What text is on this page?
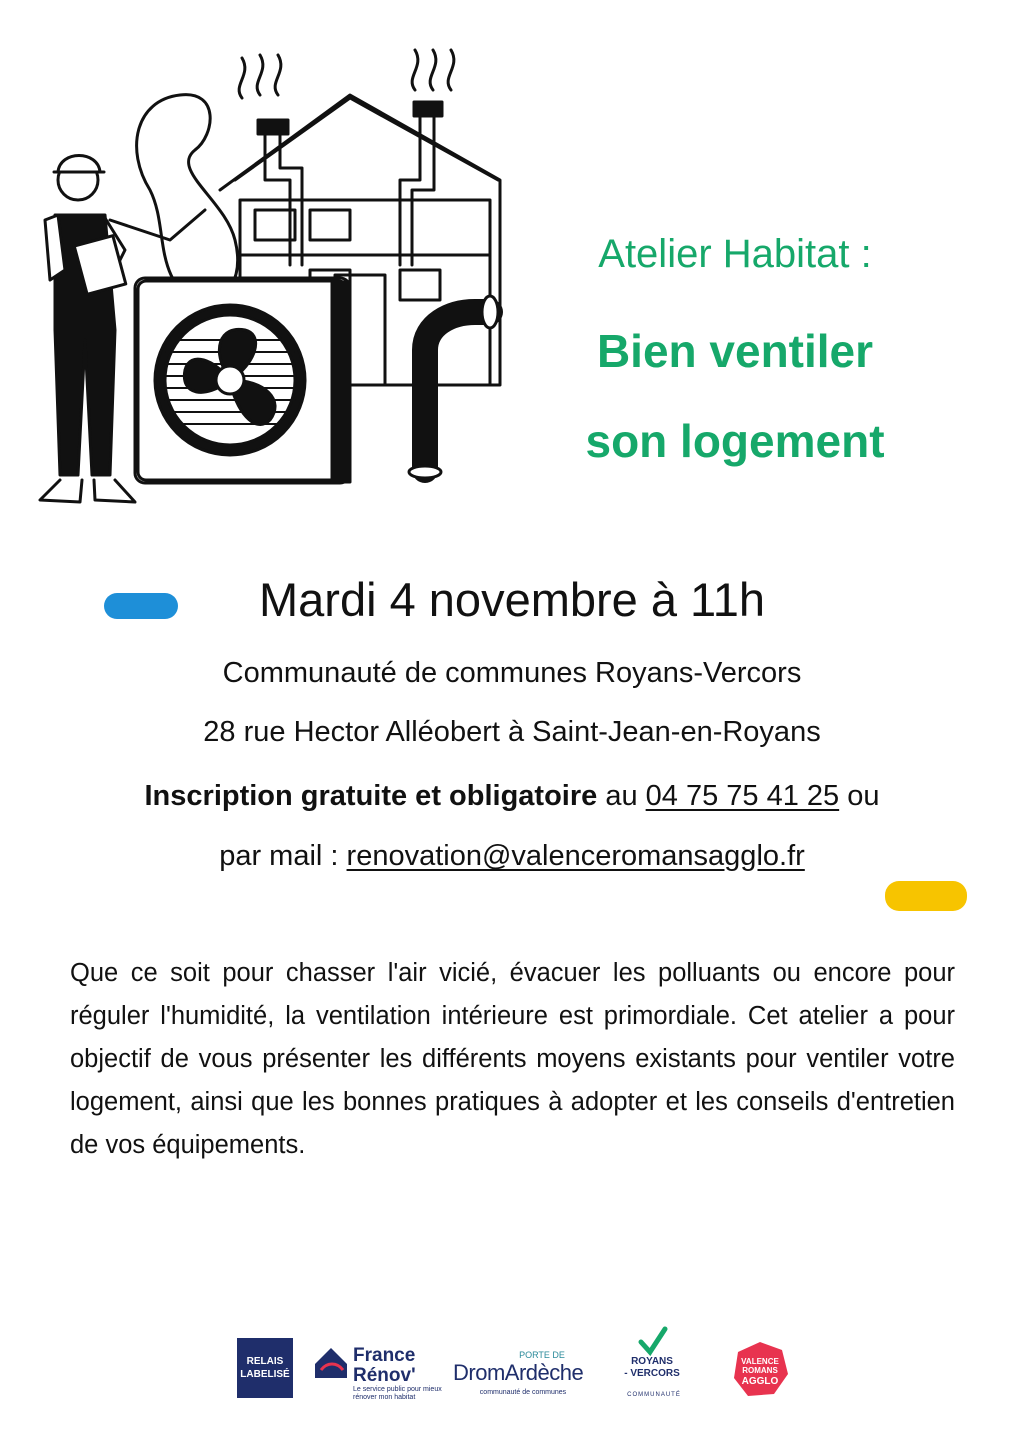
Atelier Habitat :
Bien ventiler
son logement
Mardi 4 novembre à 11h
Communauté de communes Royans-Vercors
28 rue Hector Alléobert à Saint-Jean-en-Royans
Inscription gratuite et obligatoire au 04 75 75 41 25 ou
par mail : renovation@valenceromansagglo.fr
Que ce soit pour chasser l'air vicié, évacuer les polluants ou encore pour réguler l'humidité, la ventilation intérieure est primordiale. Cet atelier a pour objectif de vous présenter les différents moyens existants pour ventiler votre logement, ainsi que les bonnes pratiques à adopter et les conseils d'entretien de vos équipements.
RELAIS
LABELISÉ
France
Rénov'
Le service public pour mieux rénover mon habitat
PORTE DE
DromArdèche
communauté de communes
ROYANS
- VERCORS
COMMUNAUTÉ
VALENCE
ROMANS
AGGLO
